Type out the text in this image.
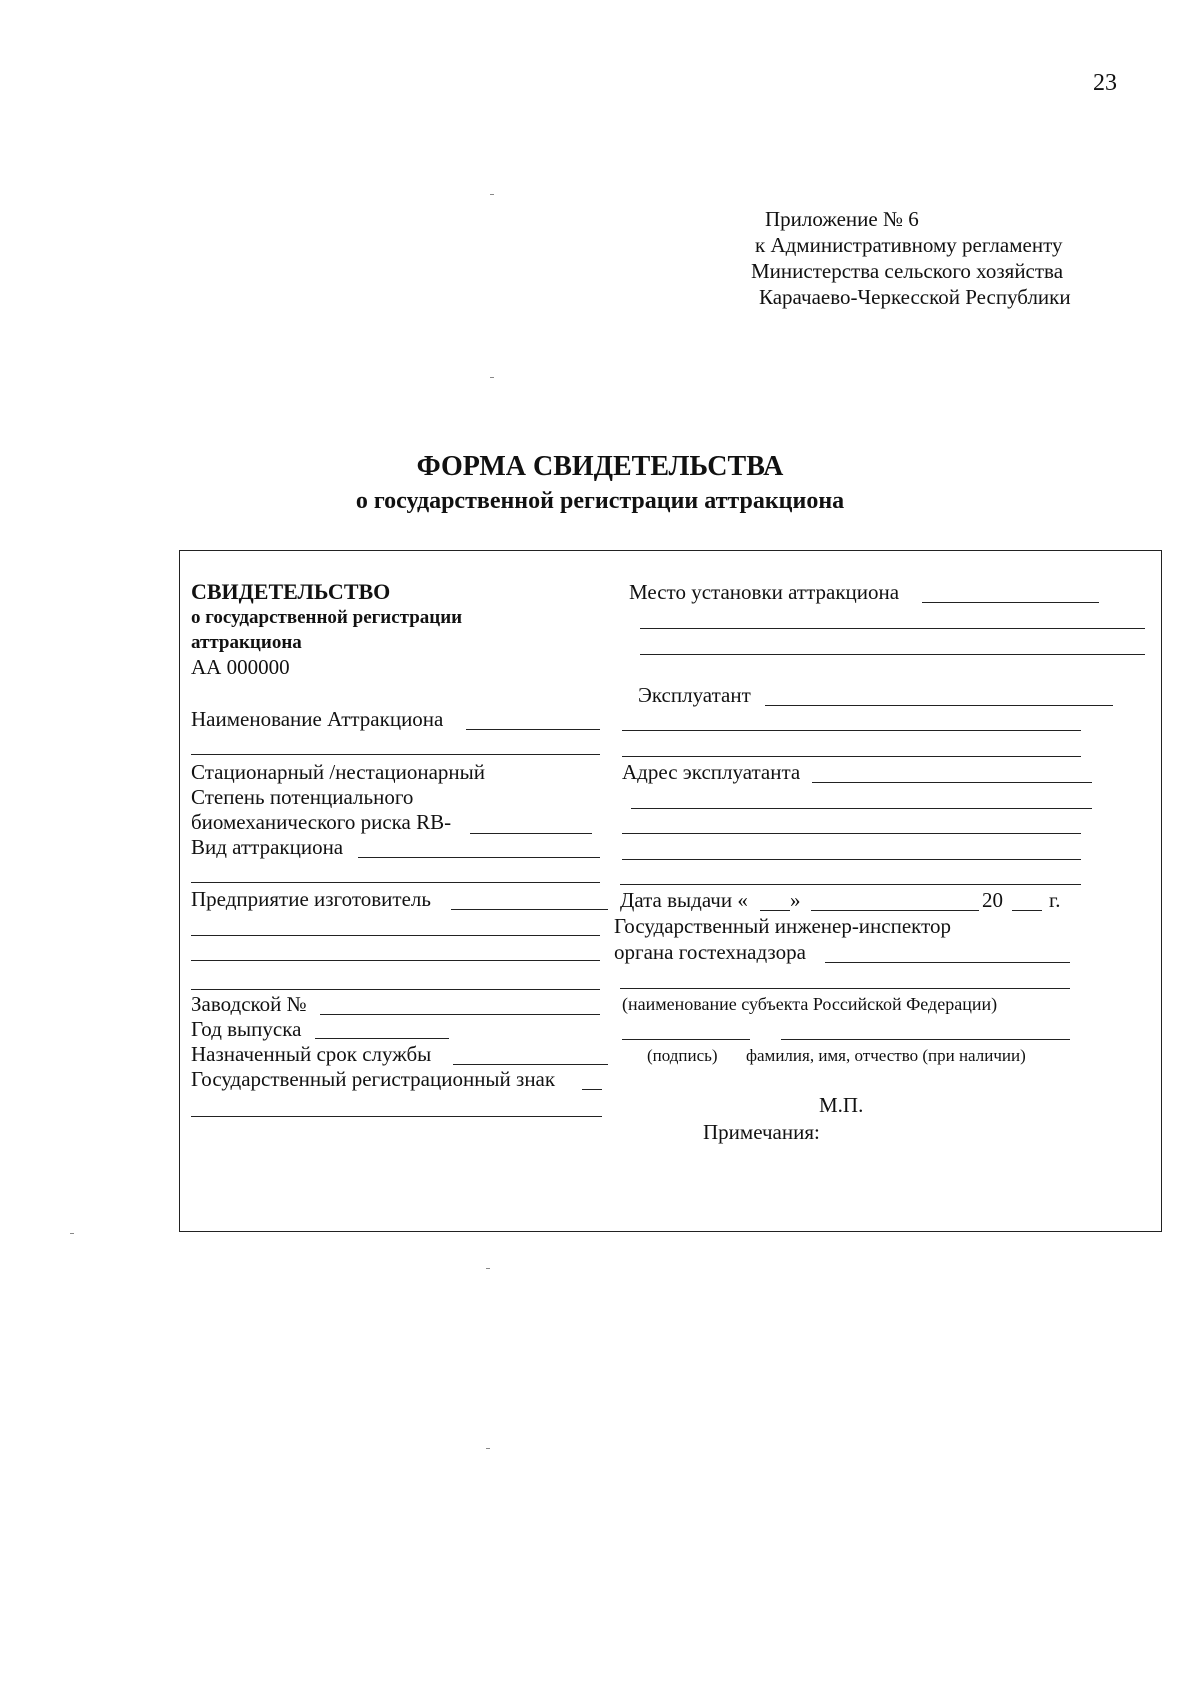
23
Приложение № 6
к Административному регламенту
Министерства сельского хозяйства
Карачаево-Черкесской Республики
ФОРМА СВИДЕТЕЛЬСТВА
о государственной регистрации аттракциона
СВИДЕТЕЛЬСТВО
о государственной регистрации
аттракциона
АА 000000
Наименование Аттракциона
Стационарный /нестационарный
Степень потенциального
биомеханического риска RB-
Вид аттракциона
Предприятие изготовитель
Заводской №
Год выпуска
Назначенный срок службы
Государственный регистрационный знак
Место установки аттракциона
Эксплуатант
Адрес эксплуатанта
Дата выдачи « »	20 г.
Государственный инженер-инспектор
органа гостехнадзора
(наименование субъекта Российской Федерации)
(подпись) фамилия, имя, отчество (при наличии)
М.П.
Примечания:
